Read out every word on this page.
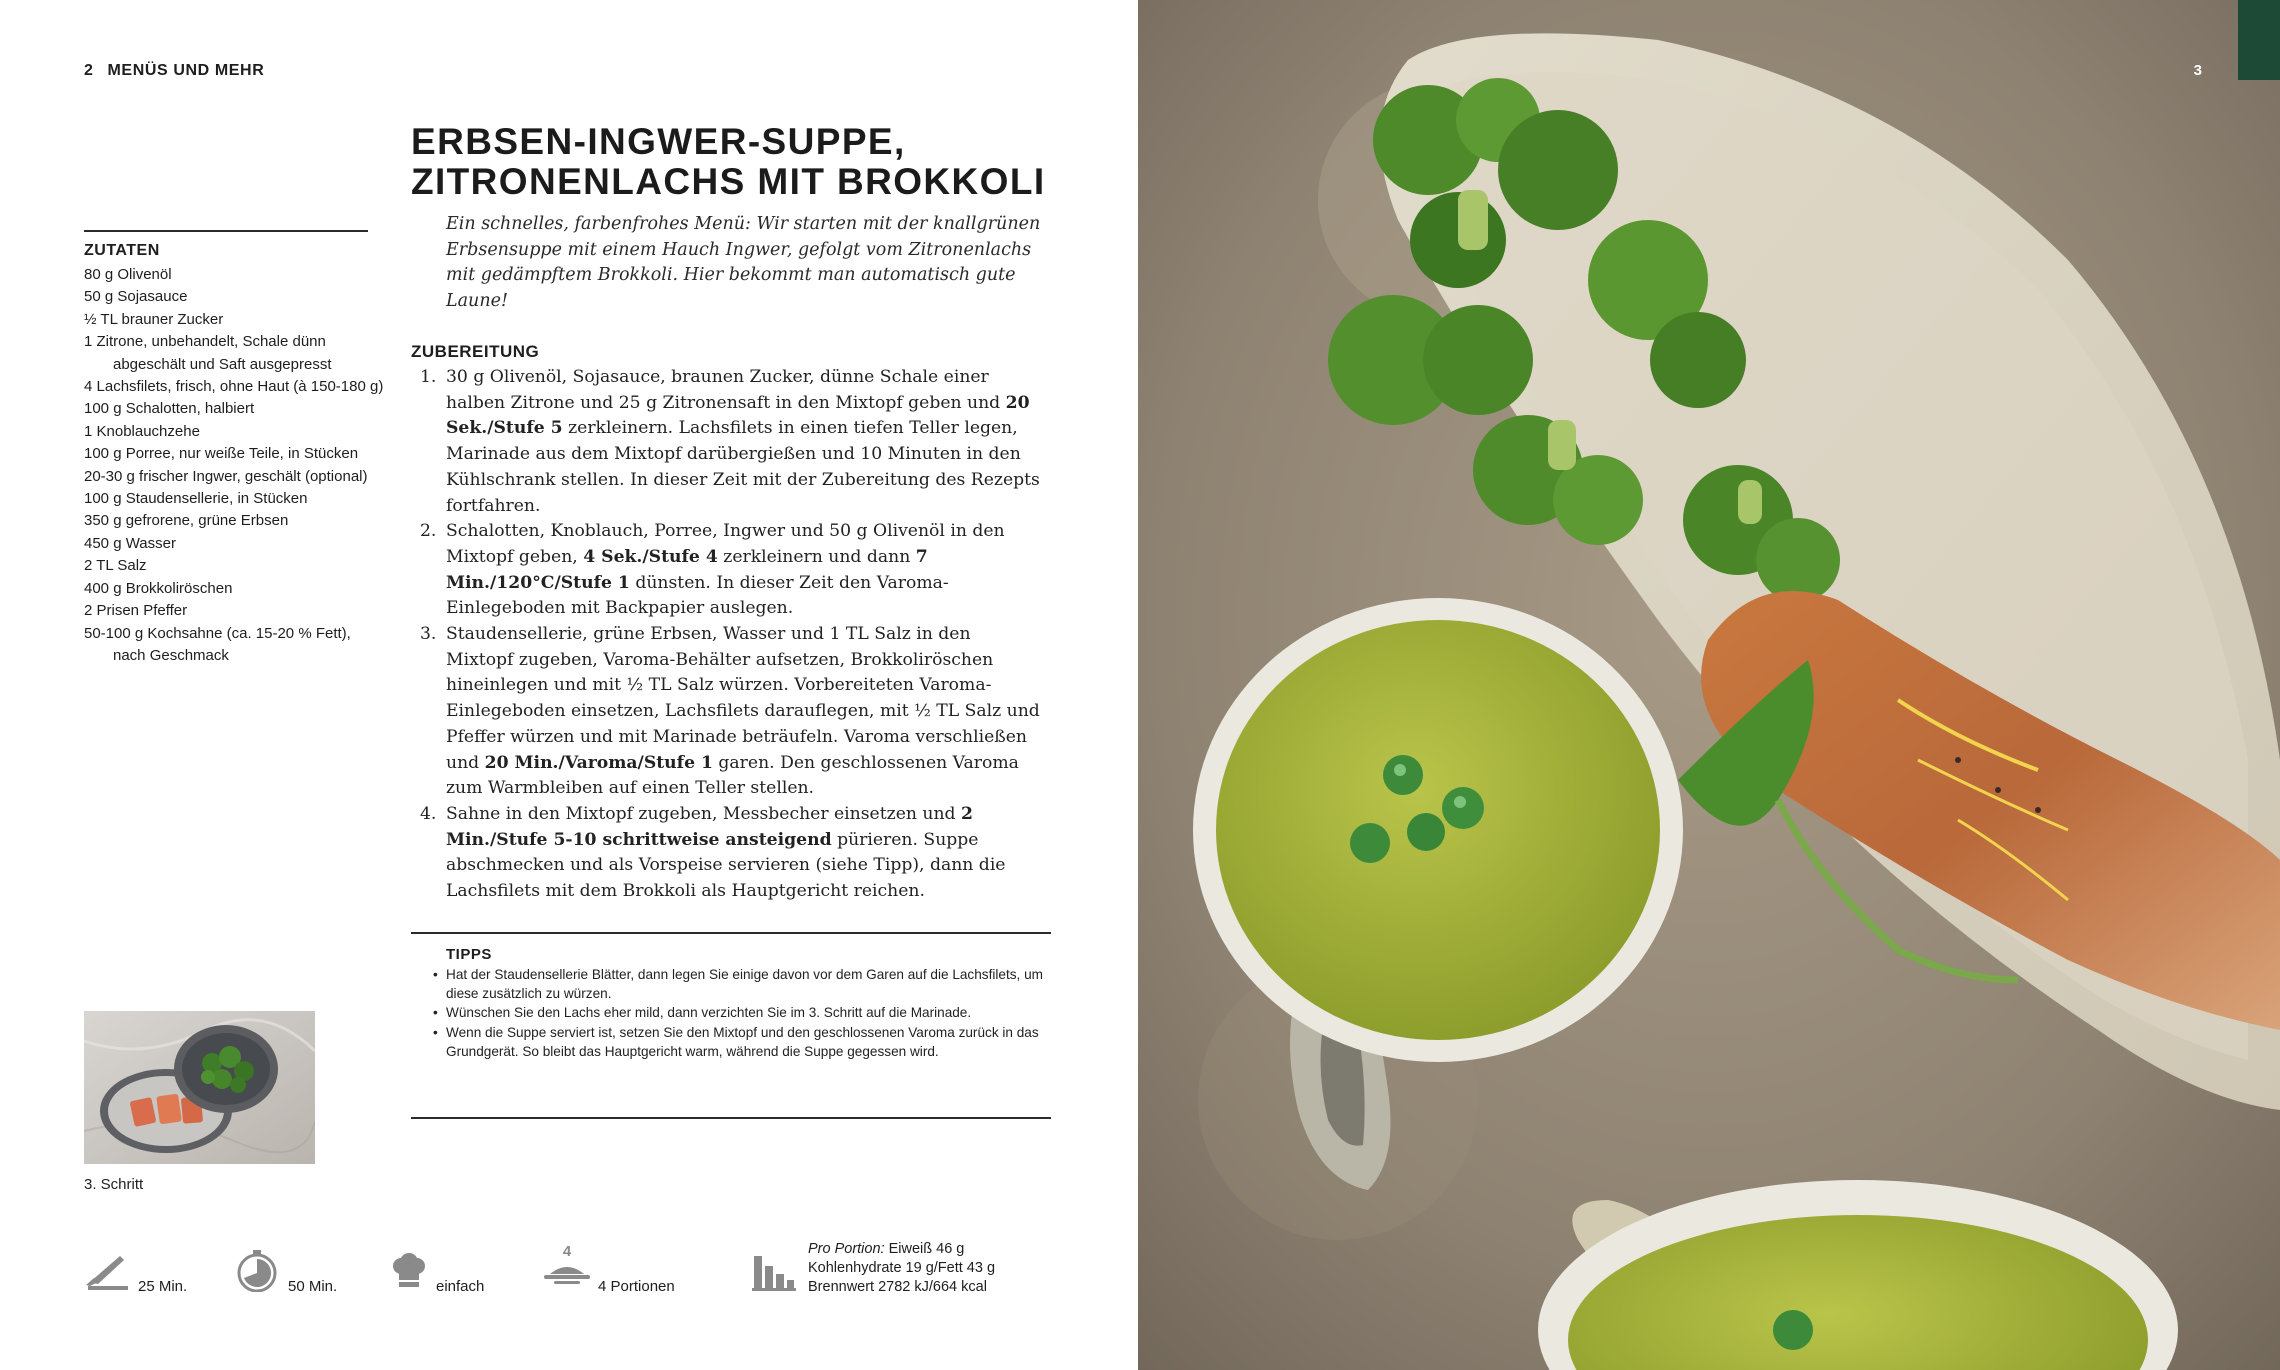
2 MENÜS UND MEHR
ERBSEN-INGWER-SUPPE,
ZITRONENLACHS MIT BROKKOLI

Ein schnelles, farbenfrohes Menü: Wir starten mit der knallgrünen Erbsensuppe mit einem Hauch Ingwer, gefolgt vom Zitronenlachs mit gedämpftem Brokkoli. Hier bekommt man automatisch gute Laune!

ZUTATEN
80 g Olivenöl
50 g Sojasauce
½ TL brauner Zucker
1 Zitrone, unbehandelt, Schale dünn abgeschält und Saft ausgepresst
4 Lachsfilets, frisch, ohne Haut (à 150-180 g)
100 g Schalotten, halbiert
1 Knoblauchzehe
100 g Porree, nur weiße Teile, in Stücken
20-30 g frischer Ingwer, geschält (optional)
100 g Staudensellerie, in Stücken
350 g gefrorene, grüne Erbsen
450 g Wasser
2 TL Salz
400 g Brokkoliröschen
2 Prisen Pfeffer
50-100 g Kochsahne (ca. 15-20 % Fett), nach Geschmack
ZUBEREITUNG
1. 30 g Olivenöl, Sojasauce, braunen Zucker, dünne Schale einer halben Zitrone und 25 g Zitronensaft in den Mixtopf geben und 20 Sek./Stufe 5 zerkleinern. Lachsfilets in einen tiefen Teller legen, Marinade aus dem Mixtopf darübergießen und 10 Minuten in den Kühlschrank stellen. In dieser Zeit mit der Zubereitung des Rezepts fortfahren.
2. Schalotten, Knoblauch, Porree, Ingwer und 50 g Olivenöl in den Mixtopf geben, 4 Sek./Stufe 4 zerkleinern und dann 7 Min./120°C/Stufe 1 dünsten. In dieser Zeit den Varoma-Einlegeboden mit Backpapier auslegen.
3. Staudensellerie, grüne Erbsen, Wasser und 1 TL Salz in den Mixtopf zugeben, Varoma-Behälter aufsetzen, Brokkoliröschen hineinlegen und mit ½ TL Salz würzen. Vorbereiteten Varoma-Einlegeboden einsetzen, Lachsfilets darauflegen, mit ½ TL Salz und Pfeffer würzen und mit Marinade beträufeln. Varoma verschließen und 20 Min./Varoma/Stufe 1 garen. Den geschlossenen Varoma zum Warmbleiben auf einen Teller stellen.
4. Sahne in den Mixtopf zugeben, Messbecher einsetzen und 2 Min./Stufe 5-10 schrittweise ansteigend pürieren. Suppe abschmecken und als Vorspeise servieren (siehe Tipp), dann die Lachsfilets mit dem Brokkoli als Hauptgericht reichen.
TIPPS
• Hat der Staudensellerie Blätter, dann legen Sie einige davon vor dem Garen auf die Lachsfilets, um diese zusätzlich zu würzen.
• Wünschen Sie den Lachs eher mild, dann verzichten Sie im 3. Schritt auf die Marinade.
• Wenn die Suppe serviert ist, setzen Sie den Mixtopf und den geschlossenen Varoma zurück in das Grundgerät. So bleibt das Hauptgericht warm, während die Suppe gegessen wird.
3. Schritt
25 Min.	50 Min.	einfach
4
4 Portionen
Pro Portion: Eiweiß 46 g
Kohlenhydrate 19 g/Fett 43 g
Brennwert 2782 kJ/664 kcal
3
